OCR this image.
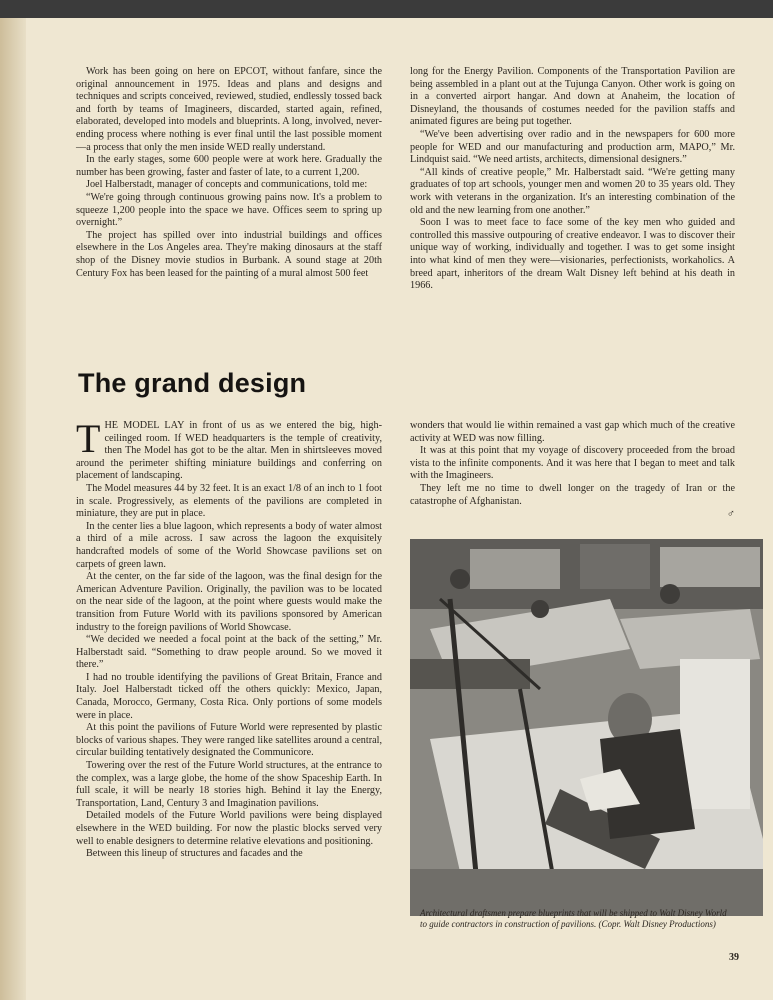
Work has been going on here on EPCOT, without fanfare, since the original announcement in 1975. Ideas and plans and designs and techniques and scripts conceived, reviewed, studied, endlessly tossed back and forth by teams of Imagineers, discarded, started again, refined, elaborated, developed into models and blueprints. A long, involved, never-ending process where nothing is ever final until the last possible moment—a process that only the men inside WED really understand.

In the early stages, some 600 people were at work here. Gradually the number has been growing, faster and faster of late, to a current 1,200.

Joel Halberstadt, manager of concepts and communications, told me:

“We're going through continuous growing pains now. It's a problem to squeeze 1,200 people into the space we have. Offices seem to spring up overnight.”

The project has spilled over into industrial buildings and offices elsewhere in the Los Angeles area. They're making dinosaurs at the staff shop of the Disney movie studios in Burbank. A sound stage at 20th Century Fox has been leased for the painting of a mural almost 500 feet

long for the Energy Pavilion. Components of the Transportation Pavilion are being assembled in a plant out at the Tujunga Canyon. Other work is going on in a converted airport hangar. And down at Anaheim, the location of Disneyland, the thousands of costumes needed for the pavilion staffs and animated figures are being put together.

“We've been advertising over radio and in the newspapers for 600 more people for WED and our manufacturing and production arm, MAPO,” Mr. Lindquist said. “We need artists, architects, dimensional designers.”

“All kinds of creative people,” Mr. Halberstadt said. “We're getting many graduates of top art schools, younger men and women 20 to 35 years old. They work with veterans in the organization. It's an interesting combination of the old and the new learning from one another.”

Soon I was to meet face to face some of the key men who guided and controlled this massive outpouring of creative endeavor. I was to discover their unique way of working, individually and together. I was to get some insight into what kind of men they were—visionaries, perfectionists, workaholics. A breed apart, inheritors of the dream Walt Disney left behind at his death in 1966.

The grand design

THE MODEL LAY in front of us as we entered the big, high-ceilinged room. If WED headquarters is the temple of creativity, then The Model has got to be the altar. Men in shirtsleeves moved around the perimeter shifting miniature buildings and conferring on placement of landscaping.

The Model measures 44 by 32 feet. It is an exact 1/8 of an inch to 1 foot in scale. Progressively, as elements of the pavilions are completed in miniature, they are put in place.

In the center lies a blue lagoon, which represents a body of water almost a third of a mile across. I saw across the lagoon the exquisitely handcrafted models of some of the World Showcase pavilions set on carpets of green lawn.

At the center, on the far side of the lagoon, was the final design for the American Adventure Pavilion. Originally, the pavilion was to be located on the near side of the lagoon, at the point where guests would make the transition from Future World with its pavilions sponsored by American industry to the foreign pavilions of World Showcase.

“We decided we needed a focal point at the back of the setting,” Mr. Halberstadt said. “Something to draw people around. So we moved it there.”

I had no trouble identifying the pavilions of Great Britain, France and Italy. Joel Halberstadt ticked off the others quickly: Mexico, Japan, Canada, Morocco, Germany, Costa Rica. Only portions of some models were in place.

At this point the pavilions of Future World were represented by plastic blocks of various shapes. They were ranged like satellites around a central, circular building tentatively designated the Communicore.

Towering over the rest of the Future World structures, at the entrance to the complex, was a large globe, the home of the show Spaceship Earth. In full scale, it will be nearly 18 stories high. Behind it lay the Energy, Transportation, Land, Century 3 and Imagination pavilions.

Detailed models of the Future World pavilions were being displayed elsewhere in the WED building. For now the plastic blocks served very well to enable designers to determine relative elevations and positioning.

Between this lineup of structures and facades and the

wonders that would lie within remained a vast gap which much of the creative activity at WED was now filling.

It was at this point that my voyage of discovery proceeded from the broad vista to the infinite components. And it was here that I began to meet and talk with the Imagineers.

They left me no time to dwell longer on the tragedy of Iran or the catastrophe of Afghanistan.

♂
Architectural draftsmen prepare blueprints that will be shipped to Walt Disney World to guide contractors in construction of pavilions. (Copr. Walt Disney Productions)
39
